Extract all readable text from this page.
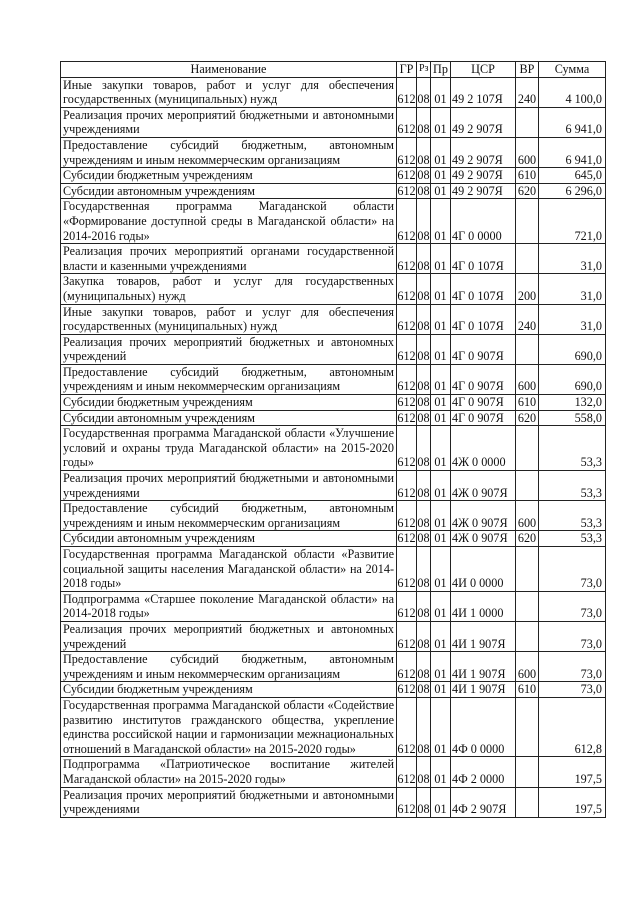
Наименование	ГР	Рз	Пр	ЦСР	ВР	Сумма
Иные закупки товаров, работ и услуг для обеспечения государственных (муниципальных) нужд	612	08	01	49 2 107Я	240	4 100,0
Реализация прочих мероприятий бюджетными и автономными учреждениями	612	08	01	49 2 907Я		6 941,0
Предоставление субсидий бюджетным, автономным учреждениям и иным некоммерческим организациям	612	08	01	49 2 907Я	600	6 941,0
Субсидии бюджетным учреждениям	612	08	01	49 2 907Я	610	645,0
Субсидии автономным учреждениям	612	08	01	49 2 907Я	620	6 296,0
Государственная программа Магаданской области «Формирование доступной среды в Магаданской области» на 2014-2016 годы»	612	08	01	4Г 0 0000		721,0
Реализация прочих мероприятий органами государственной власти и казенными учреждениями	612	08	01	4Г 0 107Я		31,0
Закупка товаров, работ и услуг для государственных (муниципальных) нужд	612	08	01	4Г 0 107Я	200	31,0
Иные закупки товаров, работ и услуг для обеспечения государственных (муниципальных) нужд	612	08	01	4Г 0 107Я	240	31,0
Реализация прочих мероприятий бюджетных и автономных учреждений	612	08	01	4Г 0 907Я		690,0
Предоставление субсидий бюджетным, автономным учреждениям и иным некоммерческим организациям	612	08	01	4Г 0 907Я	600	690,0
Субсидии бюджетным учреждениям	612	08	01	4Г 0 907Я	610	132,0
Субсидии автономным учреждениям	612	08	01	4Г 0 907Я	620	558,0
Государственная программа Магаданской области «Улучшение условий и охраны труда Магаданской области» на 2015-2020 годы»	612	08	01	4Ж 0 0000		53,3
Реализация прочих мероприятий бюджетными и автономными учреждениями	612	08	01	4Ж 0 907Я		53,3
Предоставление субсидий бюджетным, автономным учреждениям и иным некоммерческим организациям	612	08	01	4Ж 0 907Я	600	53,3
Субсидии автономным учреждениям	612	08	01	4Ж 0 907Я	620	53,3
Государственная программа Магаданской области «Развитие социальной защиты населения Магаданской области» на 2014-2018 годы»	612	08	01	4И 0 0000		73,0
Подпрограмма «Старшее поколение Магаданской области» на 2014-2018 годы»	612	08	01	4И 1 0000		73,0
Реализация прочих мероприятий бюджетных и автономных учреждений	612	08	01	4И 1 907Я		73,0
Предоставление субсидий бюджетным, автономным учреждениям и иным некоммерческим организациям	612	08	01	4И 1 907Я	600	73,0
Субсидии бюджетным учреждениям	612	08	01	4И 1 907Я	610	73,0
Государственная программа Магаданской области «Содействие развитию институтов гражданского общества, укрепление единства российской нации и гармонизации межнациональных отношений в Магаданской области» на 2015-2020 годы»	612	08	01	4Ф 0 0000		612,8
Подпрограмма «Патриотическое воспитание жителей Магаданской области» на 2015-2020 годы»	612	08	01	4Ф 2 0000		197,5
Реализация прочих мероприятий бюджетными и автономными учреждениями	612	08	01	4Ф 2 907Я		197,5
